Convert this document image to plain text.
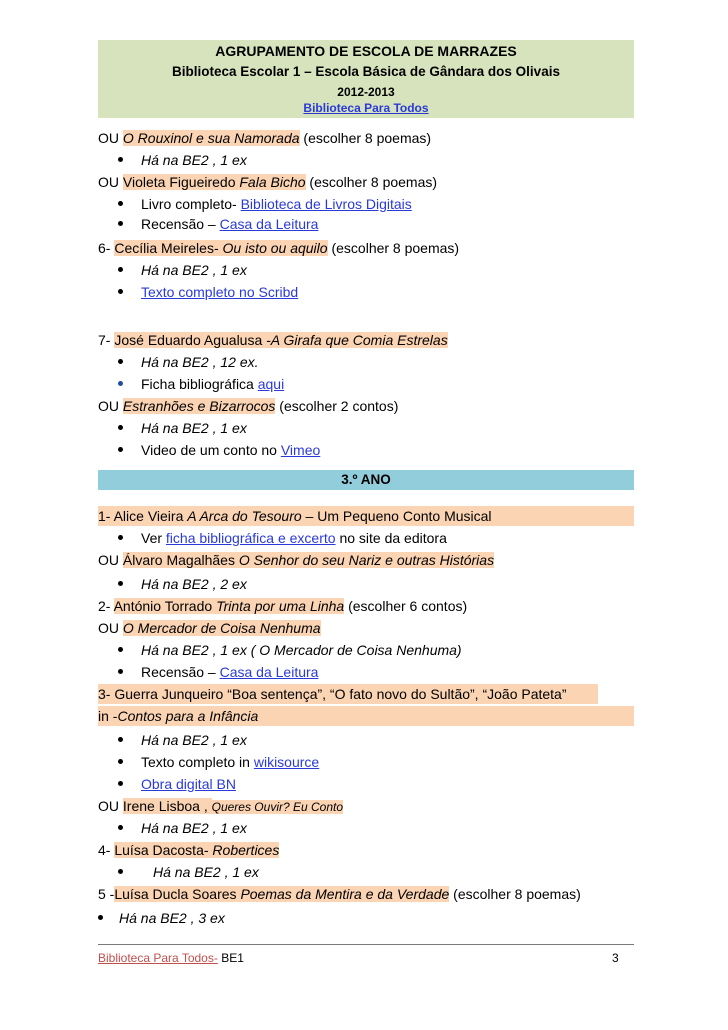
AGRUPAMENTO DE ESCOLA DE MARRAZES
Biblioteca Escolar 1 – Escola Básica de Gândara dos Olivais
2012-2013
Biblioteca Para Todos
OU O Rouxinol e sua Namorada (escolher 8 poemas)
Há na BE2 , 1 ex
OU Violeta Figueiredo Fala Bicho (escolher 8 poemas)
Livro completo- Biblioteca de Livros Digitais
Recensão – Casa da Leitura
6- Cecília Meireles- Ou isto ou aquilo (escolher 8 poemas)
Há na BE2 , 1 ex
Texto completo no Scribd
7- José Eduardo Agualusa -A Girafa que Comia Estrelas
Há na BE2 , 12 ex.
Ficha bibliográfica aqui
OU Estranhões e Bizarrocos (escolher 2 contos)
Há na BE2 , 1 ex
Video de um conto no Vimeo
3.º ANO
1- Alice Vieira A Arca do Tesouro – Um Pequeno Conto Musical
Ver ficha bibliográfica e excerto no site da editora
OU Álvaro Magalhães O Senhor do seu Nariz e outras Histórias
Há na BE2 , 2 ex
2- António Torrado Trinta por uma Linha (escolher 6 contos)
OU O Mercador de Coisa Nenhuma
Há na BE2 , 1 ex ( O Mercador de Coisa Nenhuma)
Recensão – Casa da Leitura
3- Guerra Junqueiro “Boa sentença”, “O fato novo do Sultão”, “João Pateta”
in -Contos para a Infância
Há na BE2 , 1 ex
Texto completo in wikisource
Obra digital BN
OU Irene Lisboa , Queres Ouvir? Eu Conto
Há na BE2 , 1 ex
4- Luísa Dacosta- Robertices
Há na BE2 , 1 ex
5 -Luísa Ducla Soares Poemas da Mentira e da Verdade (escolher 8 poemas)
Há na BE2 , 3 ex
Biblioteca Para Todos- BE1	3
